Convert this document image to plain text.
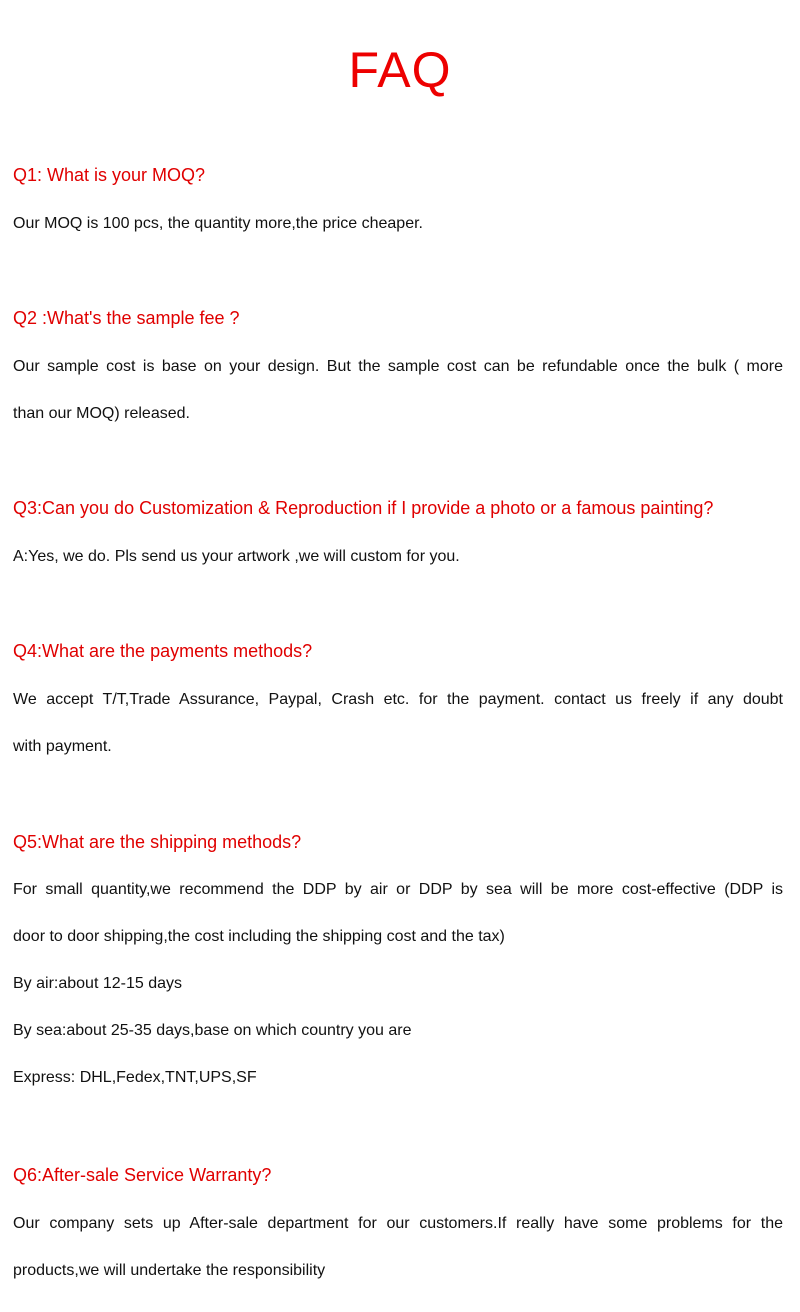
FAQ
Q1: What is your MOQ?
Our MOQ is 100 pcs, the quantity more,the price cheaper.
Q2 :What's the sample fee ?
Our sample cost is base on your design. But the sample cost can be refundable once the bulk ( more
than our MOQ) released.
Q3:Can you do Customization & Reproduction if I provide a photo or a famous painting?
A:Yes, we do. Pls send us your artwork ,we will custom for you.
Q4:What are the payments methods?
We accept T/T,Trade Assurance, Paypal, Crash etc. for the payment. contact us freely if any doubt
with payment.
Q5:What are the shipping methods?
For small quantity,we recommend the DDP by air or DDP by sea will be more cost-effective (DDP is
door to door shipping,the cost including the shipping cost and the tax)
By air:about 12-15 days
By sea:about 25-35 days,base on which country you are
Express: DHL,Fedex,TNT,UPS,SF
Q6:After-sale Service Warranty?
Our company sets up After-sale department for our customers.If really have some problems for the
products,we will undertake the responsibility
